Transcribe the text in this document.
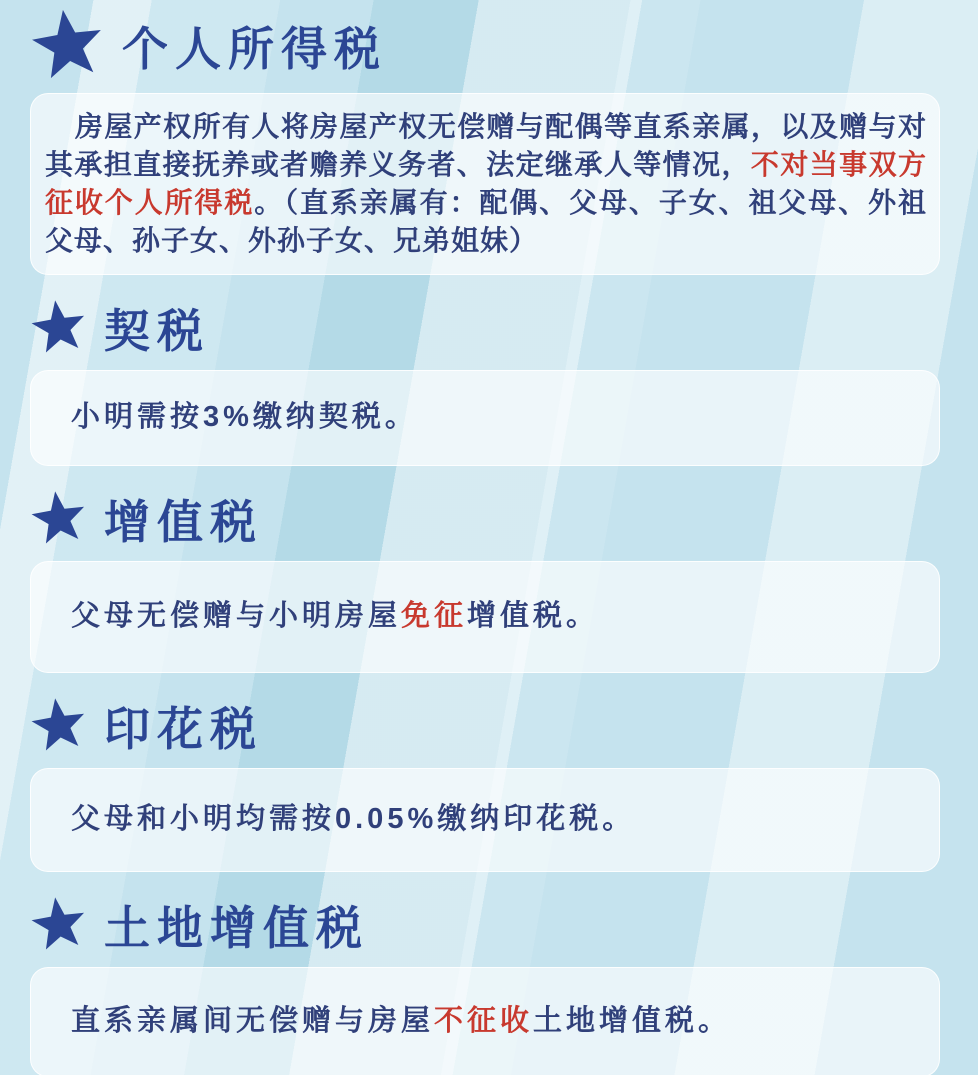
个人所得税

房屋产权所有人将房屋产权无偿赠与配偶等直系亲属，以及赠与对其承担直接抚养或者赡养义务者、法定继承人等情况，不对当事双方征收个人所得税。（直系亲属有：配偶、父母、子女、祖父母、外祖父母、孙子女、外孙子女、兄弟姐妹）

契税

小明需按3%缴纳契税。

增值税

父母无偿赠与小明房屋免征增值税。

印花税

父母和小明均需按0.05%缴纳印花税。

土地增值税

直系亲属间无偿赠与房屋不征收土地增值税。
